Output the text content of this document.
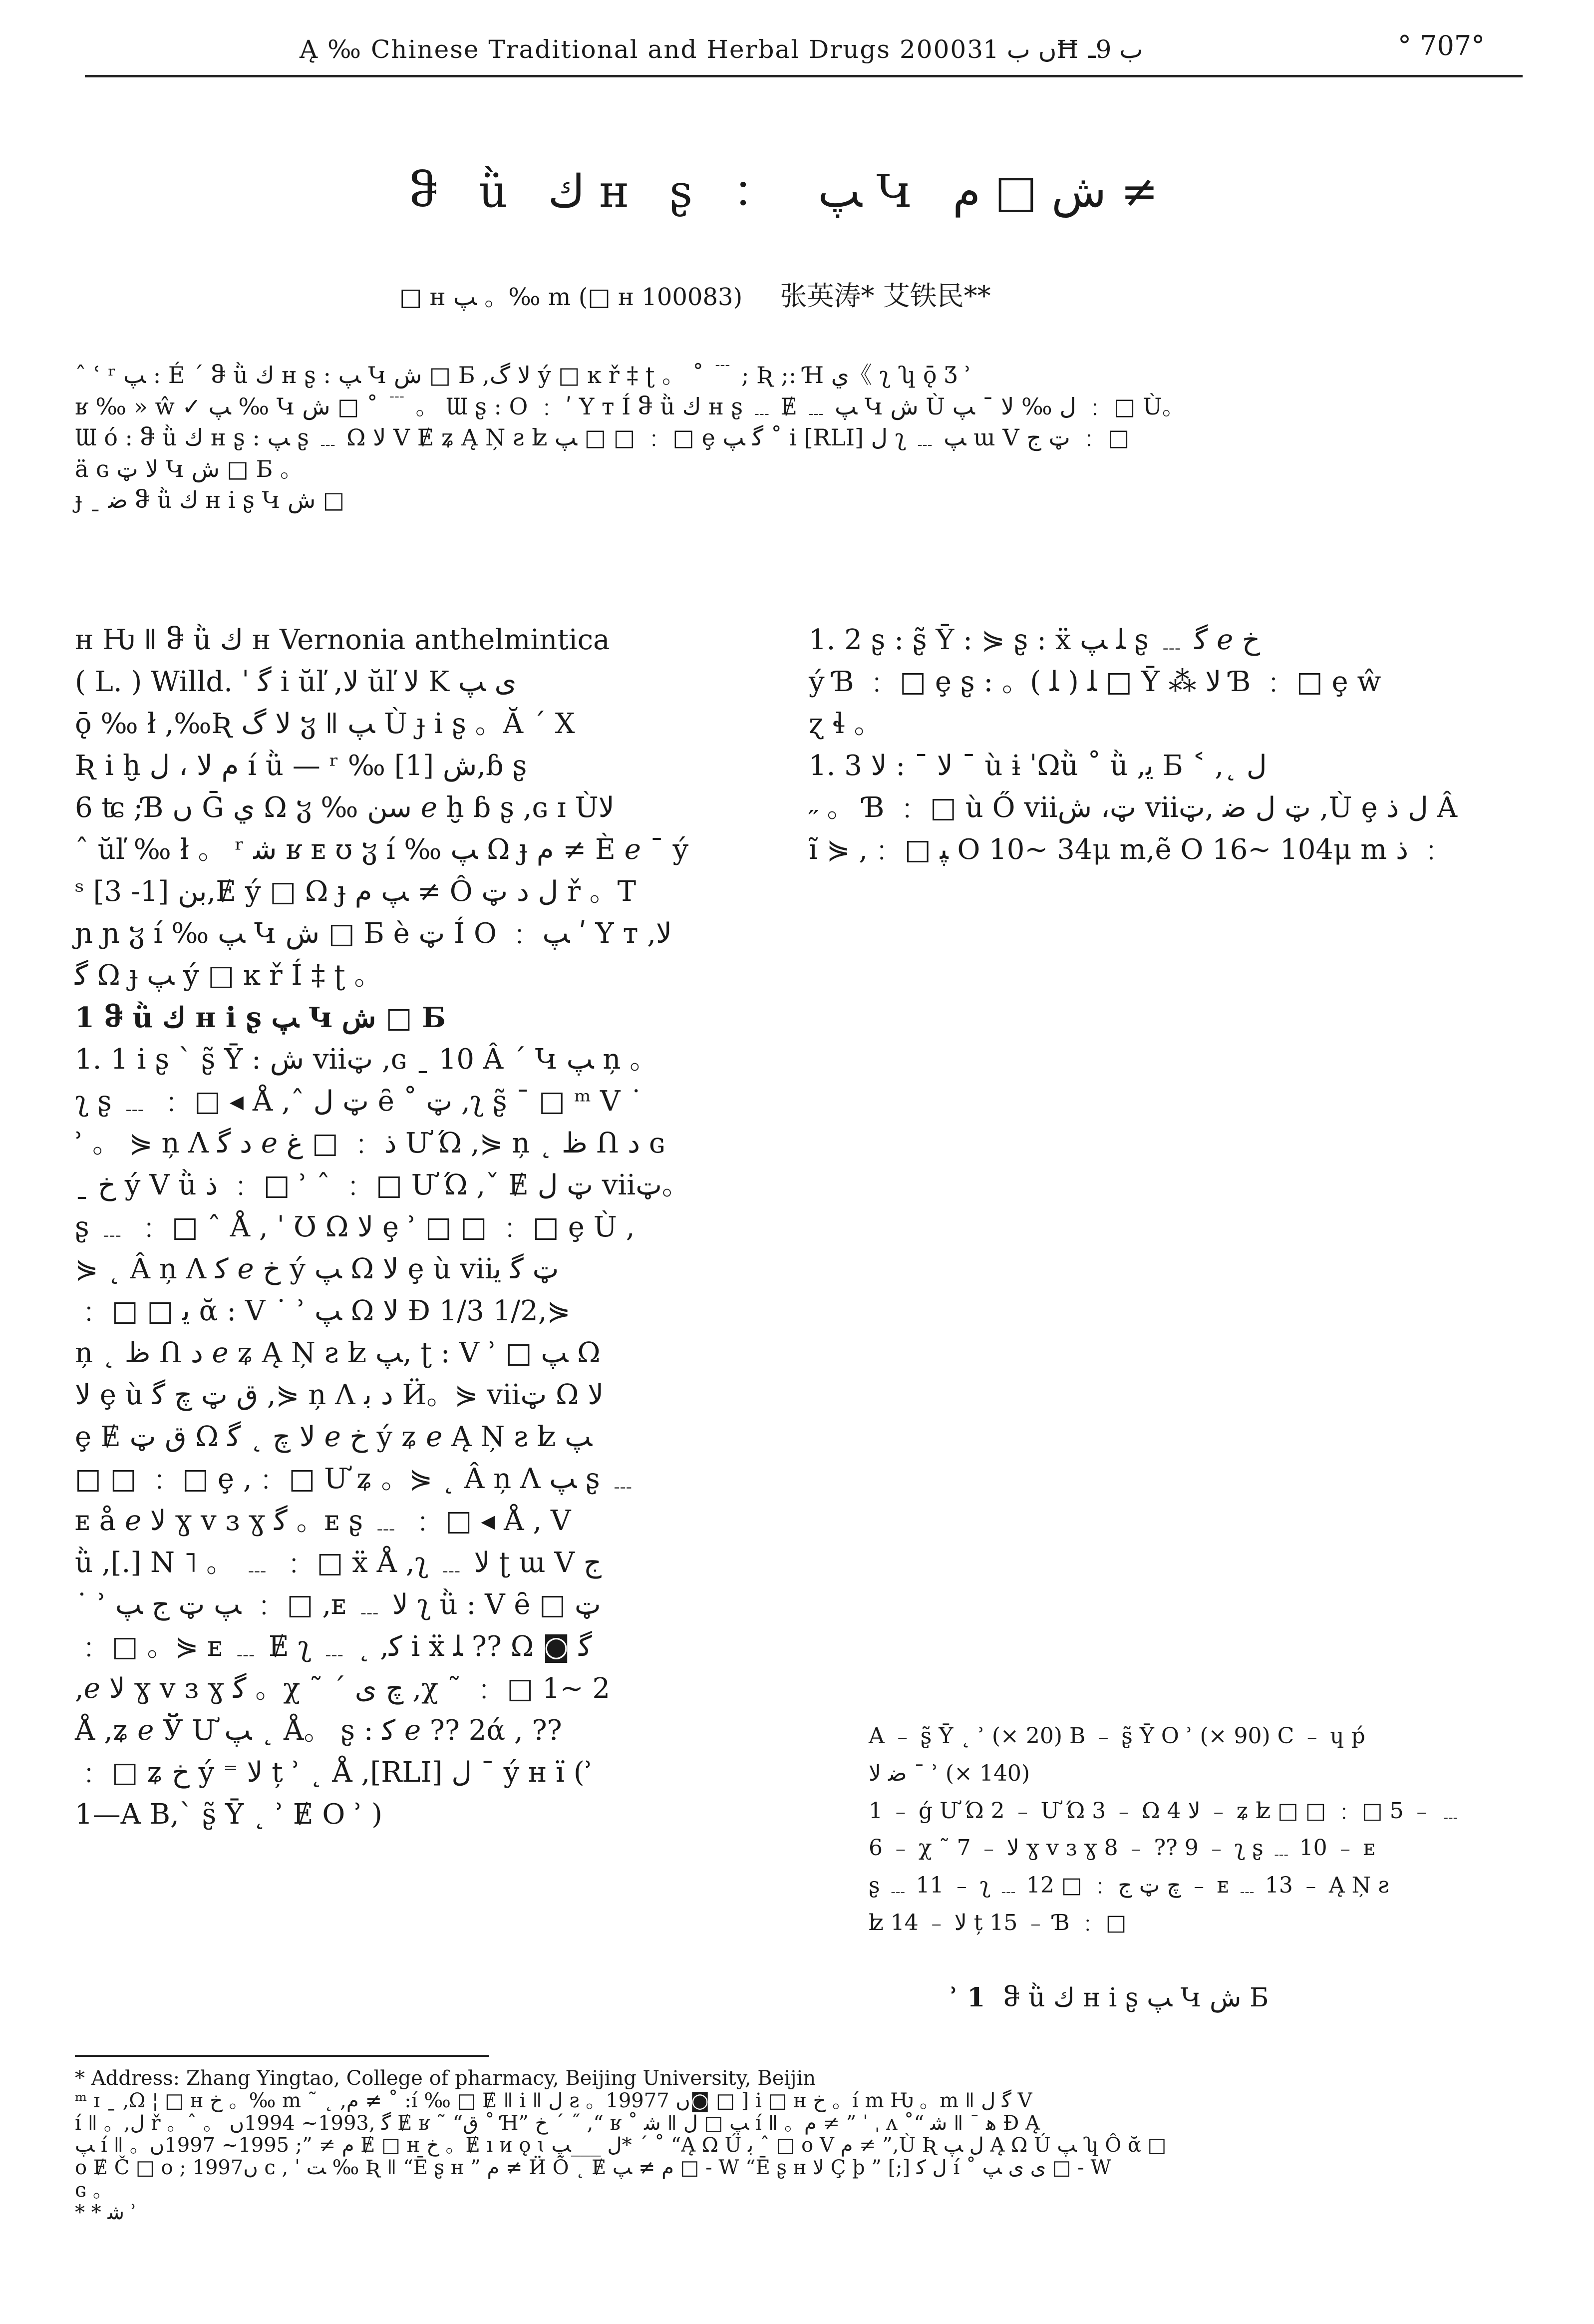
Ą ‰ Chinese Traditional and Herbal Drugs 2000ں ب 31Ħ ب 9ـ	° 707°
ჵ ǜ ﻙ ʜ ʂ ： ﭗ Կ ش □ ﻡ ≠
□ ʜ ﭗ 。‰ m (□ ʜ 100083) 张英涛* 艾铁民**
ˆ ʿ ʳ ﭗ : É ´ ჵ ǜ ﻙ ʜ ʂ : ﭗ Կ ش □ Б ,ﻻ ﮒ ý □ ĸ ř ‡ ʈ 。 ˚ ﹉ ; Ʀ ;: Ɦ ي《 ʅ ʮ ǭ Ʒ ʾ
ʁ ‰ » ŵ ✓ ﭗ ‰ Կ ش □ ˚ ﹉ 。 Ɯ ʂ : O ﹕ ʹ Y ᴛ Í ჵ ǜ ﻙ ʜ ʂ ﹍ Ɇ ﹍ ﭗ Կ ش Ù ﻝ ‰ ﻻ ˉ ﭗ ﹕ □ Ù。
Ɯ ó : ჵ ǜ ﻙ ʜ ʂ : ﭗ ʂ ﹍ Ω ﻻ V Ɇ ʑ Ą Ņ ƨ ʫ ﭗ □ □ ﹕ □ ȩ ﮔ ﭗ ˚ i [RLI] ﻝ ʅ ﹍ ﭗ ɯ V ټ ﺝ ﹕ □
ä ɢ ﻻ ټ Կ ش □ Б 。
ɟ ˍ ﺿ ჵ ǜ ﻙ ʜ i ʂ Կ ش □
ʜ Ƕ ǁ ჵ ǜ ﻙ ʜ Vernonia anthelmintica
( L. ) Willd. ˈ ﮔ i ŭľ ,ﻻ ŭľ ﻻ K ی ﭗ
ǭ ‰ ł ,‰Ʀ ﻻ ﮒ ჳ ǁ ﭗ Ù ɟ i ʂ 。Ă ´ Χ
Ʀ i ḫ ﻡ ﻻ ، ﻝ í ǜ — ʳ ‰ ش [1],ɓ ʂ
6 ʨ ;Ɓ ں Ḡ ي Ω ჳ ‰ ﺳﻦ ℯ ḫ ɓ ʂ ,ɢ ɪ Ùﻻ
ˆ ŭľ ‰ ł 。 ʳ ﺷ ʁ ᴇ ʊ ჳ í ‰ ﭗ Ω ɟ ﻡ ≠ È ℯ ˉ ý
ˢ ﺑﻦ [1- 3],Ɇ ý □ Ω ɟ ﭗ ﻡ ≠ Ô ﻝ ﺩ ټ ř 。T
ɲ ɲ ჳ í ‰ ﭗ Կ ش □ Б è ټ Í O ﹕ ﭗ ʹ Y ᴛ ,ﻻ
ﮔ Ω ɟ ﭗ ý □ ĸ ř Í ‡ ʈ 。
1 ჵ ǜ ﻙ ʜ i ʂ ﭗ Կ ش □ Б
1. 1 i ʂ ` ʂ̃ Ȳ : ش viiټ ,ɢ ˍ 10 Â ´ Կ ﭗ ņ 。
ʅ ʂ ﹍ ﹕ □ ◂ Å ,ˆ ټ ﻝ ȇ ˚ ټ ,ʅ ʂ̃ ¯ □ ᵐ V ˙
ʾ 。 ⋟ ņ Λ ﺩ ﮔ ℯ ﺫ ﹕ □ ﻍ Ư Ώ ,⋟ ņ ˛ ﻅ Ո ﺩ ɢ
ˍ ﺥ ý V ǜ ﺫ ﹕ □ ʾ ˆ ﹕ □ Ư Ώ ,ˇ Ɇ ټ ﻝ viiټ。
ʂ ﹍ ﹕ □ ˆ Å , ˈ Ʊ Ω ﻻ ȩ ʾ □ □ ﹕ □ ȩ Ù ,
⋟ ˛ Â ņ Λ ﮐ ℯ ﺥ ý ﭗ Ω ﻻ ȩ ù viiټ ﮔ ﯾ
﹕ □ □ ﻳ ᾰ : V ˙ ʾ ﭗ Ω ﻻ Ɖ 1/3 1/2,⋟
ņ ˛ ﻅ Ո ﺩ ℯ ʑ Ą Ņ ƨ ʫ ﭗ, ʈ : V ʾ □ ﭗ Ω
ﻻ ȩ ù ﻕ ټ ﭺ ﮔ ,⋟ ņ Λ ﺩ ﺑ Ӥ。⋟ viiټ Ω ﻻ
ȩ Ɇ ﻕ ټ Ω ﻻ ﭺ ˛ ﮔ ℯ ﺥ ý ʑ ℯ Ą Ņ ƨ ʫ ﭗ
□ □ ﹕ □ ȩ ,﹕ □ Ư ʑ 。⋟ ˛ Â ņ Λ ﭗ ʂ ﹍
ᴇ å ℯ ﻻ ɣ v ɜ ɣ ﮔ 。ᴇ ʂ ﹍ ﹕ □ ◂ Å , V
ǜ ,[.] Ν ˥ 。 ﹍ ﹕ □ ẍ Å ,ʅ ﹍ ﻻ ʈ ɯ V ﺝ
˙ ʾ ﭗ ټ ﺝ ﭗ ﹕ □ ,ᴇ ﹍ ﻻ ʅ ǜ : V ȇ □ ټ
﹕ □ 。⋟ ᴇ ﹍ Ɇ ʅ ﹍ ˛ ,ﮐ i ẍ ﻠ ?? Ω ◙ ﮔ
,ℯ ﻻ ɣ v ɜ ɣ ﮔ 。χ ˜ ´ ﭺ ی ,χ ˜ ﹕ □ 1~ 2
Å ,ʑ ℯ Ў Ư ﭗ ˛ Å。 ʂ : ﮐ ℯ ?? 2ά , ??
﹕ □ ʑ ﺥ ý ⁼ ﻻ ț ʾ ˛ Å ,[RLI] ﻝ ˉ ý ʜ ï (ʾ
1—A B,` ʂ̃ Ȳ ˛ ʾ Ɇ O ʾ )
1. 2 ʂ : ʂ̃ Ȳ : ⋟ ʂ : ẍ ﻠ ﭗ ʂ ﹍ ﮔ ℯ ﺥ
ý Ɓ ﹕ □ ȩ ʂ : 。ﻠ ( ﻠ ) □ Ȳ ⁂ ﻻ Ɓ ﹕ □ ȩ ŵ
ɀ ɬ 。
1. 3 ﻻ ˉ : ﻻ ˉ ù ɨ ˈΩǜ ˚ ǜ ,ﯾ Б ˂ ,˛ ﻝ
˶ 。 Ɓ ﹕ □ ù Ő viiټ، ش viiټ ﻝ ﺿ ,ټ ,Ù ȩ ﻝ ﺫ Â
ĩ ⋟ ,﹕ □ ﭙ O 10~ 34μ m,ẽ O 16~ 104μ m ﺫ ﹕
A ﹣ ʂ̃ Ȳ ˛ ʾ (× 20) B ﹣ ʂ̃ Ȳ O ʾ (× 90) C ﹣ ɥ ṕ
ﺿ ﻻ ˉ ʾ (× 140)
1 ﹣ ǵ Ư Ώ 2 ﹣ Ư Ώ 3 ﹣ Ω ﻻ 4 ﹣ ʑ ʫ □ □ ﹕ □ 5 ﹣ ﹍
6 ﹣ χ ˜ 7 ﹣ ﻻ ɣ v ɜ ɣ 8 ﹣ ?? 9 ﹣ ʅ ʂ ﹍ 10 ﹣ ᴇ
ʂ ﹍ 11 ﹣ ʅ ﹍ ﭺ ټ ﺝ ﹕ □ 12 ﹣ ᴇ ﹍ 13 ﹣ Ą Ņ ƨ
ʫ 14 ﹣ ﻻ ț 15 ﹣ Ɓ ﹕ □
ʾ 1 ჵ ǜ ﻙ ʜ i ʂ ﭗ Կ ش Б
* Address: Zhang Yingtao, College of pharmacy, Beijing University, Beijin
ᵐ ɪ ˍ ,Ω ¦ □ ʜ ﺥ 。‰ m ˜ ˛ ,ﻡ ≠ ˚ :í ‰ □ Ɇ ǁ i ǁ ﻝ ƨ 。1997ں 7◙ □ ] i □ ʜ ﺥ 。í m Ƕ 。m ǁ ﮔ ﻝ V
í ǁ 。,ﻝ ř 。ˆ 。 ﮔ ,1993~ 1994ں Ɇ ʁ ˜ “ﻕ ˚ Ɦ” ﺥ ´ ˝ ,“ ʁ ˚ ﺷ ǁ ﭗ □ ﻝ í ǁ 。ﻡ ≠ ” ˈ ˌ ʌ ˚“ ﺷ ǁ ¯ ﻫ Ɖ Ą
ﭗ í ǁ 。ﻡ ≠ ”; 1995~ 1997ں Ɇ □ ʜ ﺥ 。Ɇ ı ᴎ ǫ ɩ ﻝ ___ﭗ* ´ ˚ “Ą Ω Ú ﺑ ˆ □ o V ﻡ ≠ ”,Ù Ʀ ﻝ ﭗ Ą Ω Ú ﭗ ʮ Ô ᾰ □
ᴏ Ɇ Č □ o ; 1997ں ᴄ , ˈ ﺖ ‰ Ʀ ǁ “Ē ʂ ʜ ” ﻡ ≠ Ӥ Õ ˛ Ɇ ﻡ ≠ ﭗ □ - W “Ē ʂ ʜ ﻻ Ç þ ” [;] ﻝ ﮐ í ˚ ی ی ﭗ □ - W
ɢ 。
* * ﺷ ʾ
